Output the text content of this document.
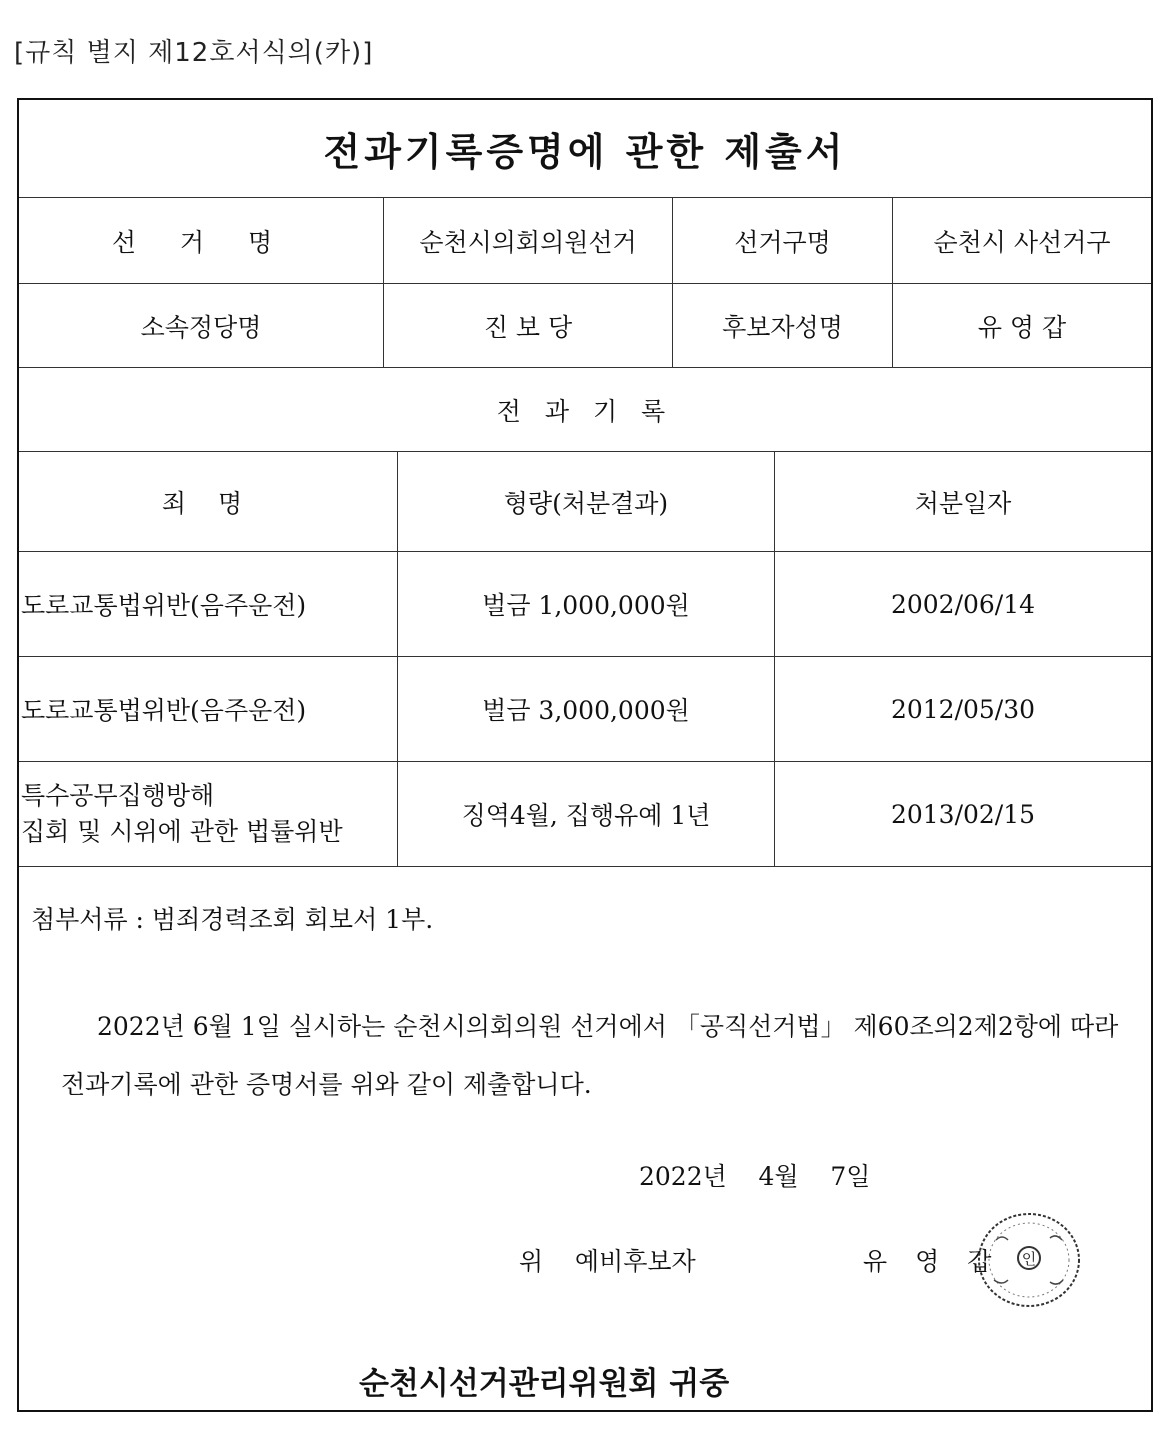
[규칙 별지 제12호서식의(카)]
전과기록증명에 관한 제출서
선 거 명	순천시의회의원선거	선거구명	순천시 사선거구
소속정당명	진 보 당	후보자성명	유 영 갑
전 과 기 록
죄 명	형량(처분결과)	처분일자
도로교통법위반(음주운전)	벌금 1,000,000원	2002/06/14
도로교통법위반(음주운전)	벌금 3,000,000원	2012/05/30
특수공무집행방해
집회 및 시위에 관한 법률위반
징역4월, 집행유예 1년	2013/02/15
첨부서류 : 범죄경력조회 회보서 1부.
2022년 6월 1일 실시하는 순천시의회의원 선거에서 「공직선거법」 제60조의2제2항에 따라
전과기록에 관한 증명서를 위와 같이 제출합니다.
2022년    4월    7일
위    예비후보자	유 영 갑 인
순천시선거관리위원회 귀중
